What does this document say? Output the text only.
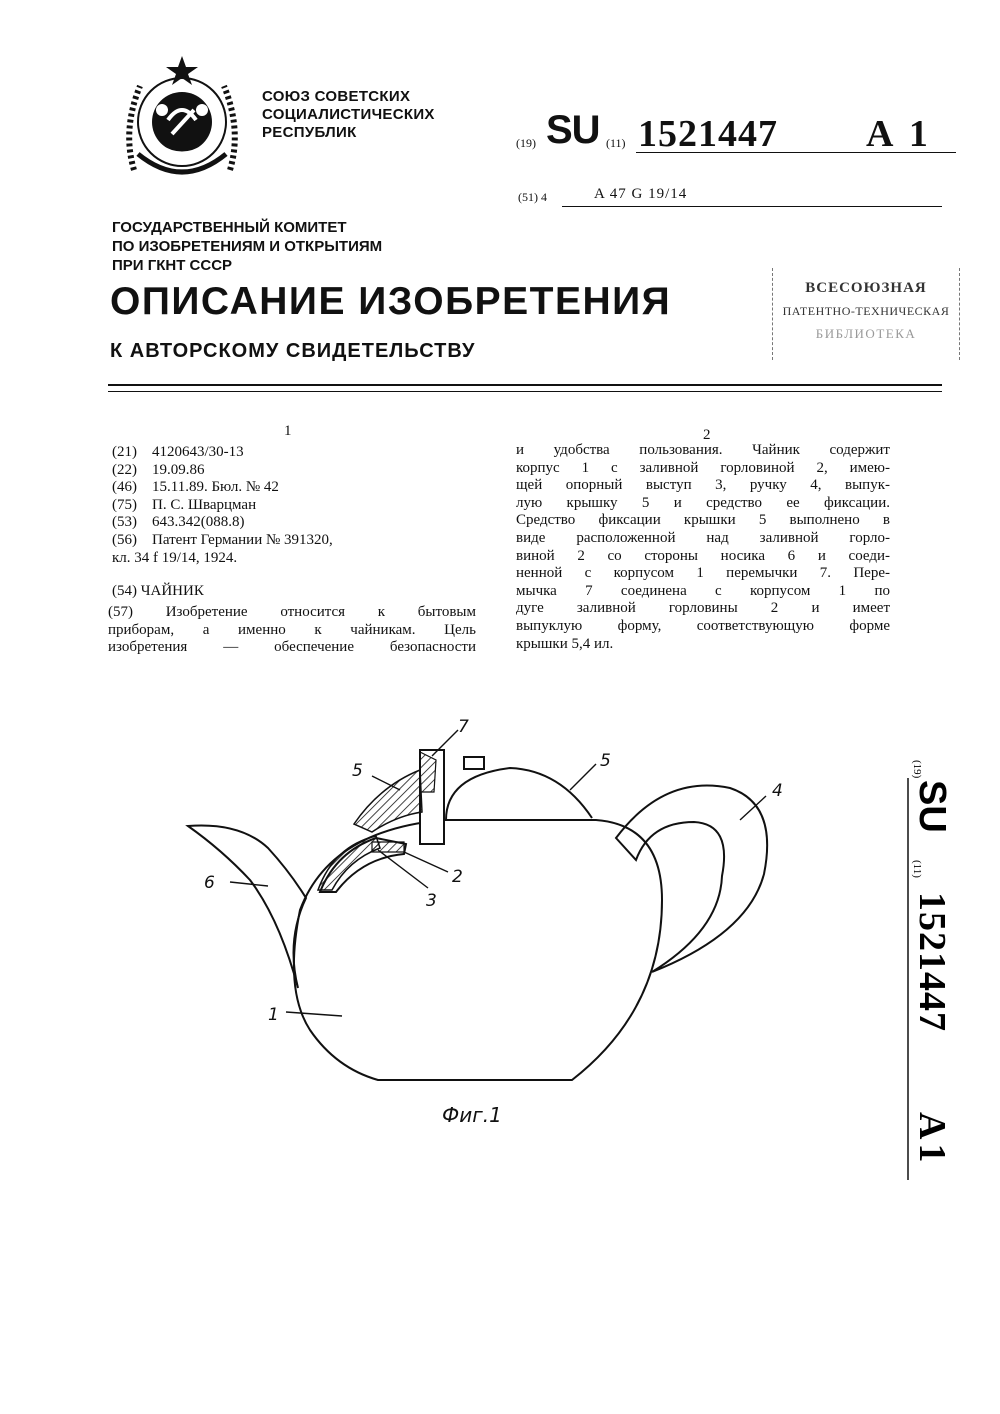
СОЮЗ СОВЕТСКИХ
СОЦИАЛИСТИЧЕСКИХ
РЕСПУБЛИК
(19) SU (11) 1521447 A 1
(51) 4	A 47 G 19/14
ГОСУДАРСТВЕННЫЙ КОМИТЕТ
ПО ИЗОБРЕТЕНИЯМ И ОТКРЫТИЯМ
ПРИ ГКНТ СССР
ОПИСАНИЕ ИЗОБРЕТЕНИЯ
К АВТОРСКОМУ СВИДЕТЕЛЬСТВУ
ВСЕСОЮЗНАЯ
ПАТЕНТНО-ТЕХНИЧЕСКАЯ
БИБЛИОТЕКА
1	2
(21)	4120643/30-13
(22)	19.09.86
(46)	15.11.89. Бюл. № 42
(75)	П. С. Шварцман
(53)	643.342(088.8)
(56)	Патент Германии № 391320,
кл. 34 f 19/14, 1924.
(54) ЧАЙНИК
(57) Изобретение относится к бытовым
приборам, а именно к чайникам. Цель
изобретения — обеспечение безопасности
и удобства пользования. Чайник содержит
корпус 1 с заливной горловиной 2, имею-
щей опорный выступ 3, ручку 4, выпук-
лую крышку 5 и средство ее фиксации.
Средство фиксации крышки 5 выполнено в
виде расположенной над заливной горло-
виной 2 со стороны носика 6 и соеди-
ненной с корпусом 1 перемычки 7. Пере-
мычка 7 соединена с корпусом 1 по
дуге заливной горловины 2 и имеет
выпуклую форму, соответствующую форме
крышки 5,4 ил.
7
5	5
4
6	2
3
1
Фиг.1
(19)
SU
(11)
1521447
A1
